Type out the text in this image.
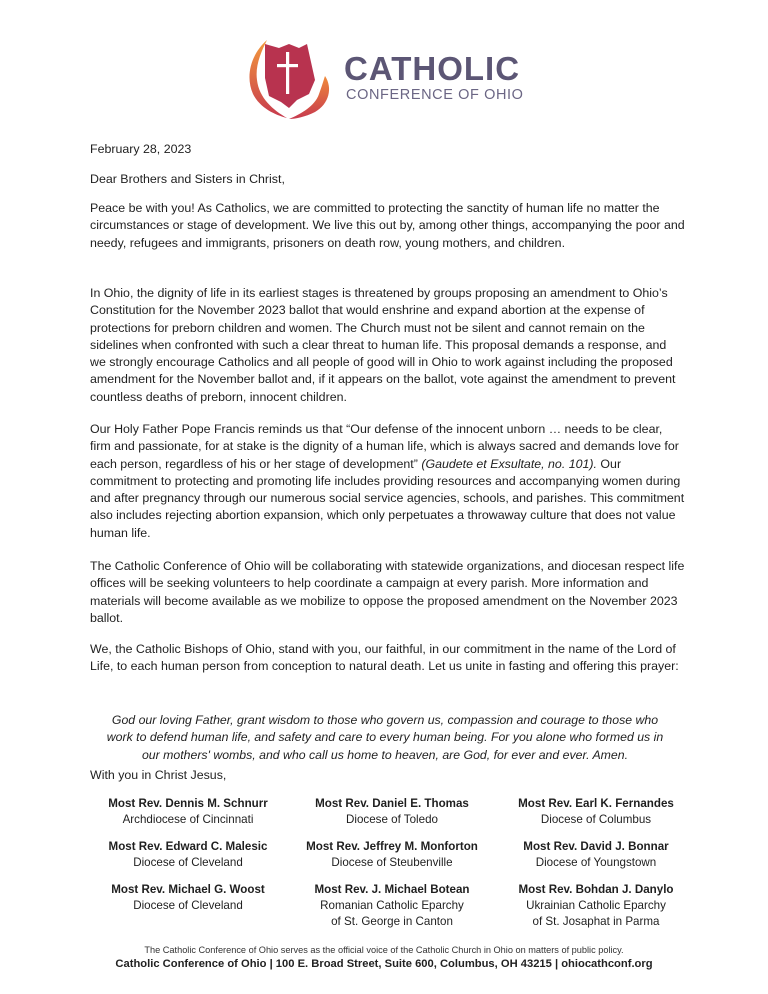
CATHOLIC

CONFERENCE OF OHIO

February 28, 2023

Dear Brothers and Sisters in Christ,

Peace be with you! As Catholics, we are committed to protecting the sanctity of human life no matter the circumstances or stage of development. We live this out by, among other things, accompanying the poor and needy, refugees and immigrants, prisoners on death row, young mothers, and children.

In Ohio, the dignity of life in its earliest stages is threatened by groups proposing an amendment to Ohio’s Constitution for the November 2023 ballot that would enshrine and expand abortion at the expense of protections for preborn children and women. The Church must not be silent and cannot remain on the sidelines when confronted with such a clear threat to human life. This proposal demands a response, and we strongly encourage Catholics and all people of good will in Ohio to work against including the proposed amendment for the November ballot and, if it appears on the ballot, vote against the amendment to prevent countless deaths of preborn, innocent children.

Our Holy Father Pope Francis reminds us that “Our defense of the innocent unborn … needs to be clear, firm and passionate, for at stake is the dignity of a human life, which is always sacred and demands love for each person, regardless of his or her stage of development” (Gaudete et Exsultate, no. 101). Our commitment to protecting and promoting life includes providing resources and accompanying women during and after pregnancy through our numerous social service agencies, schools, and parishes. This commitment also includes rejecting abortion expansion, which only perpetuates a throwaway culture that does not value human life.

The Catholic Conference of Ohio will be collaborating with statewide organizations, and diocesan respect life offices will be seeking volunteers to help coordinate a campaign at every parish. More information and materials will become available as we mobilize to oppose the proposed amendment on the November 2023 ballot.

We, the Catholic Bishops of Ohio, stand with you, our faithful, in our commitment in the name of the Lord of Life, to each human person from conception to natural death. Let us unite in fasting and offering this prayer:

God our loving Father, grant wisdom to those who govern us, compassion and courage to those who work to defend human life, and safety and care to every human being. For you alone who formed us in our mothers' wombs, and who call us home to heaven, are God, for ever and ever. Amen.

With you in Christ Jesus,

Most Rev. Dennis M. Schnurr
Archdiocese of Cincinnati
Most Rev. Daniel E. Thomas
Diocese of Toledo
Most Rev. Earl K. Fernandes
Diocese of Columbus
Most Rev. Edward C. Malesic
Diocese of Cleveland
Most Rev. Jeffrey M. Monforton
Diocese of Steubenville
Most Rev. David J. Bonnar
Diocese of Youngstown
Most Rev. Michael G. Woost
Diocese of Cleveland
Most Rev. J. Michael Botean
Romanian Catholic Eparchy
of St. George in Canton
Most Rev. Bohdan J. Danylo
Ukrainian Catholic Eparchy
of St. Josaphat in Parma

The Catholic Conference of Ohio serves as the official voice of the Catholic Church in Ohio on matters of public policy.

Catholic Conference of Ohio | 100 E. Broad Street, Suite 600, Columbus, OH 43215 | ohiocathconf.org
